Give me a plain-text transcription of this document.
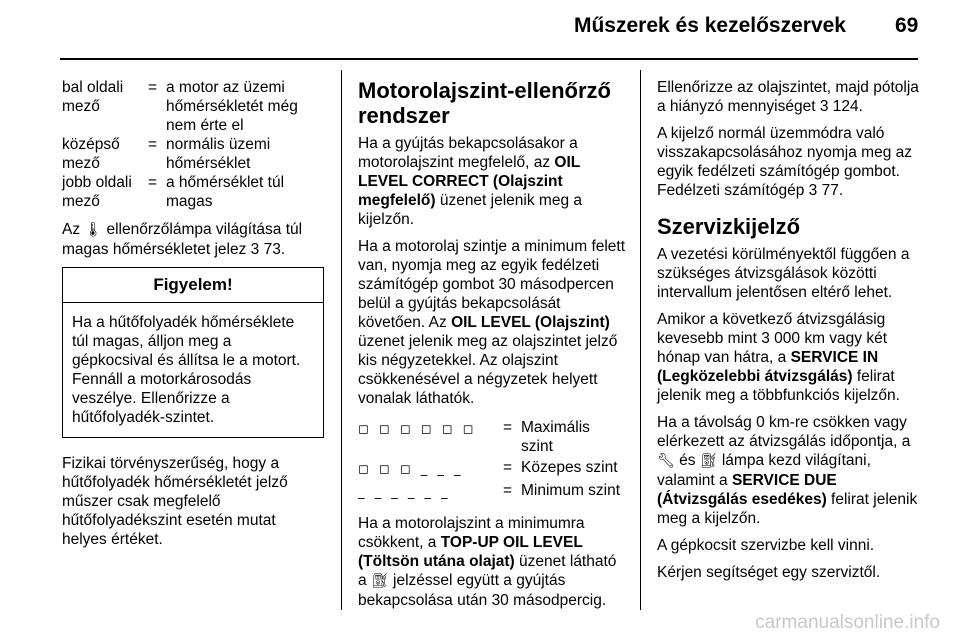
Műszerek és kezelőszervek 69
bal oldali mező	=	a motor az üzemi hőmérsékletét még nem érte el
középső mező	=	normális üzemi hőmérséklet
jobb oldali mező	=	a hőmérséklet túl magas

Az 🌡︎ ellenőrzőlámpa világítása túl magas hőmérsékletet jelez 3 73.

Figyelem!
Ha a hűtőfolyadék hőmérséklete túl magas, álljon meg a gépkocsival és állítsa le a motort. Fennáll a motorkárosodás veszélye. Ellenőrizze a hűtőfolyadék-szintet.

Fizikai törvényszerűség, hogy a hűtőfolyadék hőmérsékletét jelző műszer csak megfelelő hűtőfolyadékszint esetén mutat helyes értéket.

Motorolajszint-ellenőrző rendszer

Ha a gyújtás bekapcsolásakor a motorolajszint megfelelő, az OIL LEVEL CORRECT (Olajszint megfelelő) üzenet jelenik meg a kijelzőn.

Ha a motorolaj szintje a minimum felett van, nyomja meg az egyik fedélzeti számítógép gombot 30 másodpercen belül a gyújtás bekapcsolását követően. Az OIL LEVEL (Olajszint) üzenet jelenik meg az olajszintet jelző kis négyzetekkel. Az olajszint csökkenésével a négyzetek helyett vonalak láthatók.

◻ ◻ ◻ ◻ ◻ ◻	=	Maximális szint
◻ ◻ ◻ _ _ _	=	Közepes szint
_ _ _ _ _ _	=	Minimum szint

Ha a motorolajszint a minimumra csökkent, a TOP-UP OIL LEVEL (Töltsön utána olajat) üzenet látható a ⛽︎ jelzéssel együtt a gyújtás bekapcsolása után 30 másodpercig.

Ellenőrizze az olajszintet, majd pótolja a hiányzó mennyiséget 3 124.

A kijelző normál üzemmódra való visszakapcsolásához nyomja meg az egyik fedélzeti számítógép gombot. Fedélzeti számítógép 3 77.

Szervizkijelző

A vezetési körülményektől függően a szükséges átvizsgálások közötti intervallum jelentősen eltérő lehet.

Amikor a következő átvizsgálásig kevesebb mint 3 000 km vagy két hónap van hátra, a SERVICE IN (Legközelebbi átvizsgálás) felirat jelenik meg a többfunkciós kijelzőn.

Ha a távolság 0 km-re csökken vagy elérkezett az átvizsgálás időpontja, a 🔧︎ és ⛽︎ lámpa kezd világítani, valamint a SERVICE DUE (Átvizsgálás esedékes) felirat jelenik meg a kijelzőn.

A gépkocsit szervizbe kell vinni.

Kérjen segítséget egy szerviztől.

carmanualsonline.info
